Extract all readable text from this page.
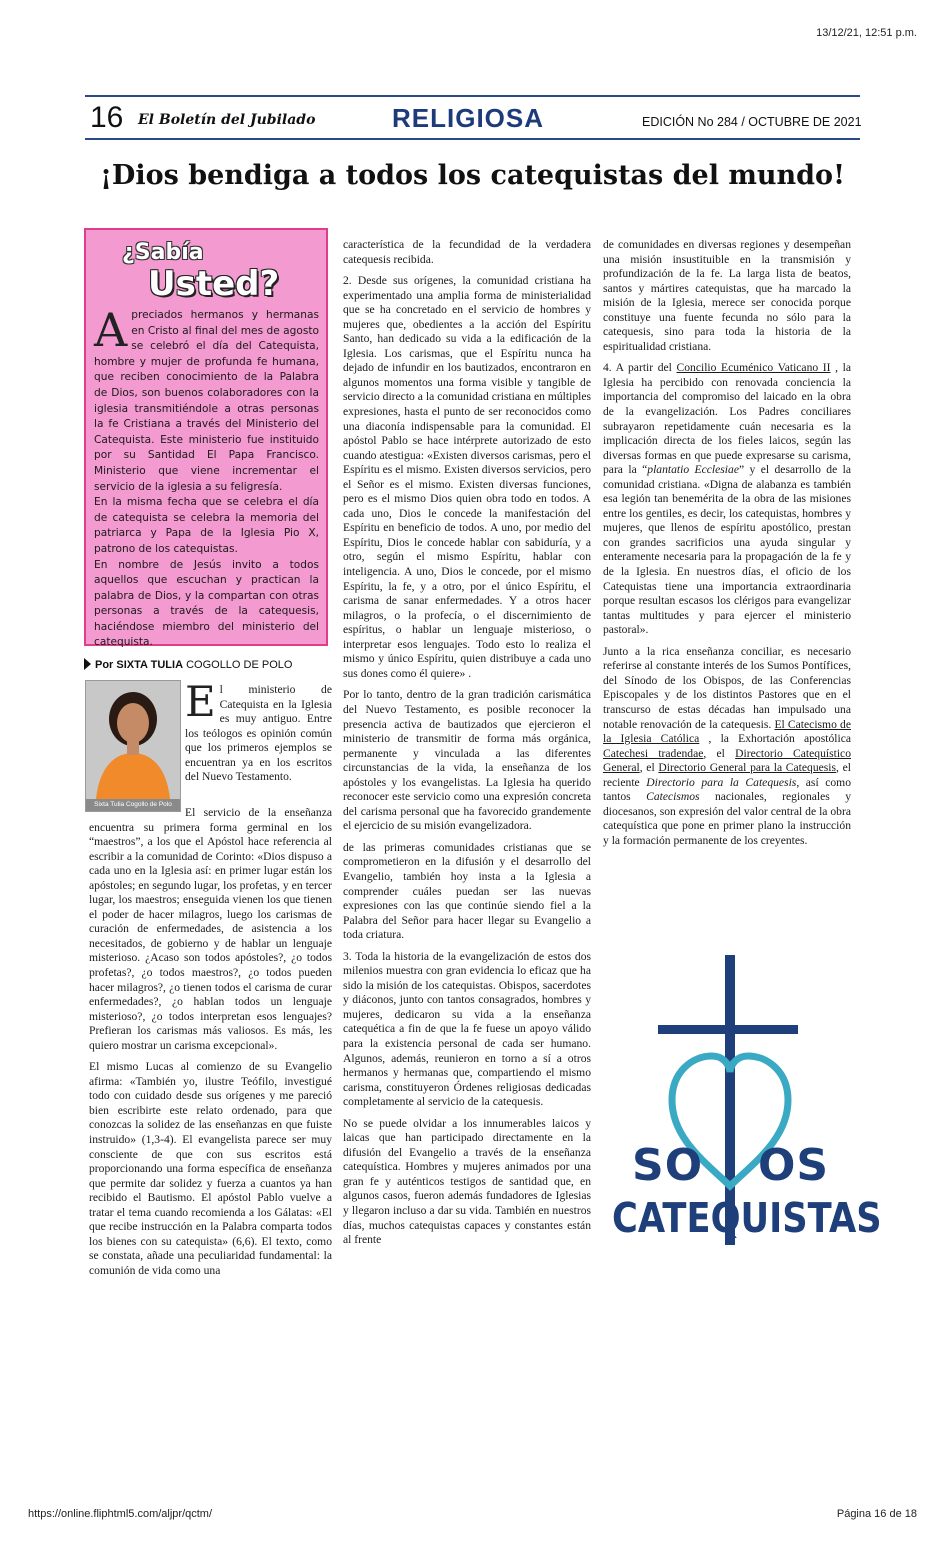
13/12/21, 12:51 p.m.
https://online.fliphtml5.com/aljpr/qctm/	Página 16 de 18
16 El Boletín del Jubilado	RELIGIOSA	EDICIÓN No 284 / OCTUBRE DE 2021
¡Dios bendiga a todos los catequistas del mundo!
¿Sabía
Usted?

Apreciados hermanos y hermanas en Cristo al final del mes de agosto se celebró el día del Catequista, hombre y mujer de profunda fe humana, que reciben conocimiento de la Palabra de Dios, son buenos colaboradores con la iglesia transmitiéndole a otras personas la fe Cristiana a través del Ministerio del Catequista. Este ministerio fue instituido por su Santidad El Papa Francisco. Ministerio que viene incrementar el servicio de la iglesia a su feligresía.

En la misma fecha que se celebra el día de catequista se celebra la memoria del patriarca y Papa de la Iglesia Pio X, patrono de los catequistas.

En nombre de Jesús invito a todos aquellos que escuchan y practican la palabra de Dios, y la compartan con otras personas a través de la catequesis, haciéndose miembro del ministerio del catequista.

Por SIXTA TULIA COGOLLO DE POLO
Sixta Tulia Cogollo de Polo

El ministerio de Catequista en la Iglesia es muy antiguo. Entre los teólogos es opinión común que los primeros ejemplos se encuentran ya en los escritos del Nuevo Testamento.

El servicio de la enseñanza encuentra su primera forma germinal en los “maestros”, a los que el Apóstol hace referencia al escribir a la comunidad de Corinto: «Dios dispuso a cada uno en la Iglesia así: en primer lugar están los apóstoles; en segundo lugar, los profetas, y en tercer lugar, los maestros; enseguida vienen los que tienen el poder de hacer milagros, luego los carismas de curación de enfermedades, de asistencia a los necesitados, de gobierno y de hablar un lenguaje misterioso. ¿Acaso son todos apóstoles?, ¿o todos profetas?, ¿o todos maestros?, ¿o todos pueden hacer milagros?, ¿o tienen todos el carisma de curar enfermedades?, ¿o hablan todos un lenguaje misterioso?, ¿o todos interpretan esos lenguajes? Prefieran los carismas más valiosos. Es más, les quiero mostrar un carisma excepcional».

El mismo Lucas al comienzo de su Evangelio afirma: «También yo, ilustre Teófilo, investigué todo con cuidado desde sus orígenes y me pareció bien escribirte este relato ordenado, para que conozcas la solidez de las enseñanzas en que fuiste instruido» (1,3-4). El evangelista parece ser muy consciente de que con sus escritos está proporcionando una forma específica de enseñanza que permite dar solidez y fuerza a cuantos ya han recibido el Bautismo. El apóstol Pablo vuelve a tratar el tema cuando recomienda a los Gálatas: «El que recibe instrucción en la Palabra comparta todos los bienes con su catequista» (6,6). El texto, como se constata, añade una peculiaridad fundamental: la comunión de vida como una

característica de la fecundidad de la verdadera catequesis recibida.

2. Desde sus orígenes, la comunidad cristiana ha experimentado una amplia forma de ministerialidad que se ha concretado en el servicio de hombres y mujeres que, obedientes a la acción del Espíritu Santo, han dedicado su vida a la edificación de la Iglesia. Los carismas, que el Espíritu nunca ha dejado de infundir en los bautizados, encontraron en algunos momentos una forma visible y tangible de servicio directo a la comunidad cristiana en múltiples expresiones, hasta el punto de ser reconocidos como una diaconía indispensable para la comunidad. El apóstol Pablo se hace intérprete autorizado de esto cuando atestigua: «Existen diversos carismas, pero el Espíritu es el mismo. Existen diversos servicios, pero el Señor es el mismo. Existen diversas funciones, pero es el mismo Dios quien obra todo en todos. A cada uno, Dios le concede la manifestación del Espíritu en beneficio de todos. A uno, por medio del Espíritu, Dios le concede hablar con sabiduría, y a otro, según el mismo Espíritu, hablar con inteligencia. A uno, Dios le concede, por el mismo Espíritu, la fe, y a otro, por el único Espíritu, el carisma de sanar enfermedades. Y a otros hacer milagros, o la profecía, o el discernimiento de espíritus, o hablar un lenguaje misterioso, o interpretar esos lenguajes. Todo esto lo realiza el mismo y único Espíritu, quien distribuye a cada uno sus dones como él quiere» .

Por lo tanto, dentro de la gran tradición carismática del Nuevo Testamento, es posible reconocer la presencia activa de bautizados que ejercieron el ministerio de transmitir de forma más orgánica, permanente y vinculada a las diferentes circunstancias de la vida, la enseñanza de los apóstoles y los evangelistas. La Iglesia ha querido reconocer este servicio como una expresión concreta del carisma personal que ha favorecido grandemente el ejercicio de su misión evangelizadora.

de las primeras comunidades cristianas que se comprometieron en la difusión y el desarrollo del Evangelio, también hoy insta a la Iglesia a comprender cuáles puedan ser las nuevas expresiones con las que continúe siendo fiel a la Palabra del Señor para hacer llegar su Evangelio a toda criatura.

3. Toda la historia de la evangelización de estos dos milenios muestra con gran evidencia lo eficaz que ha sido la misión de los catequistas. Obispos, sacerdotes y diáconos, junto con tantos consagrados, hombres y mujeres, dedicaron su vida a la enseñanza catequética a fin de que la fe fuese un apoyo válido para la existencia personal de cada ser humano. Algunos, además, reunieron en torno a sí a otros hermanos y hermanas que, compartiendo el mismo carisma, constituyeron Órdenes religiosas dedicadas completamente al servicio de la catequesis.

No se puede olvidar a los innumerables laicos y laicas que han participado directamente en la difusión del Evangelio a través de la enseñanza catequística. Hombres y mujeres animados por una gran fe y auténticos testigos de santidad que, en algunos casos, fueron además fundadores de Iglesias y llegaron incluso a dar su vida. También en nuestros días, muchos catequistas capaces y constantes están al frente

de comunidades en diversas regiones y desempeñan una misión insustituible en la transmisión y profundización de la fe. La larga lista de beatos, santos y mártires catequistas, que ha marcado la misión de la Iglesia, merece ser conocida porque constituye una fuente fecunda no sólo para la catequesis, sino para toda la historia de la espiritualidad cristiana.

4. A partir del Concilio Ecuménico Vaticano II , la Iglesia ha percibido con renovada conciencia la importancia del compromiso del laicado en la obra de la evangelización. Los Padres conciliares subrayaron repetidamente cuán necesaria es la implicación directa de los fieles laicos, según las diversas formas en que puede expresarse su carisma, para la “plantatio Ecclesiae” y el desarrollo de la comunidad cristiana. «Digna de alabanza es también esa legión tan benemérita de la obra de las misiones entre los gentiles, es decir, los catequistas, hombres y mujeres, que llenos de espíritu apostólico, prestan con grandes sacrificios una ayuda singular y enteramente necesaria para la propagación de la fe y de la Iglesia. En nuestros días, el oficio de los Catequistas tiene una importancia extraordinaria porque resultan escasos los clérigos para evangelizar tantas multitudes y para ejercer el ministerio pastoral».

Junto a la rica enseñanza conciliar, es necesario referirse al constante interés de los Sumos Pontífices, del Sínodo de los Obispos, de las Conferencias Episcopales y de los distintos Pastores que en el transcurso de estas décadas han impulsado una notable renovación de la catequesis. El Catecismo de la Iglesia Católica , la Exhortación apostólica Catechesi tradendae, el Directorio Catequístico General, el Directorio General para la Catequesis, el reciente Directorio para la Catequesis, así como tantos Catecismos nacionales, regionales y diocesanos, son expresión del valor central de la obra catequística que pone en primer plano la instrucción y la formación permanente de los creyentes.

SO OS
CATEQUISTAS
